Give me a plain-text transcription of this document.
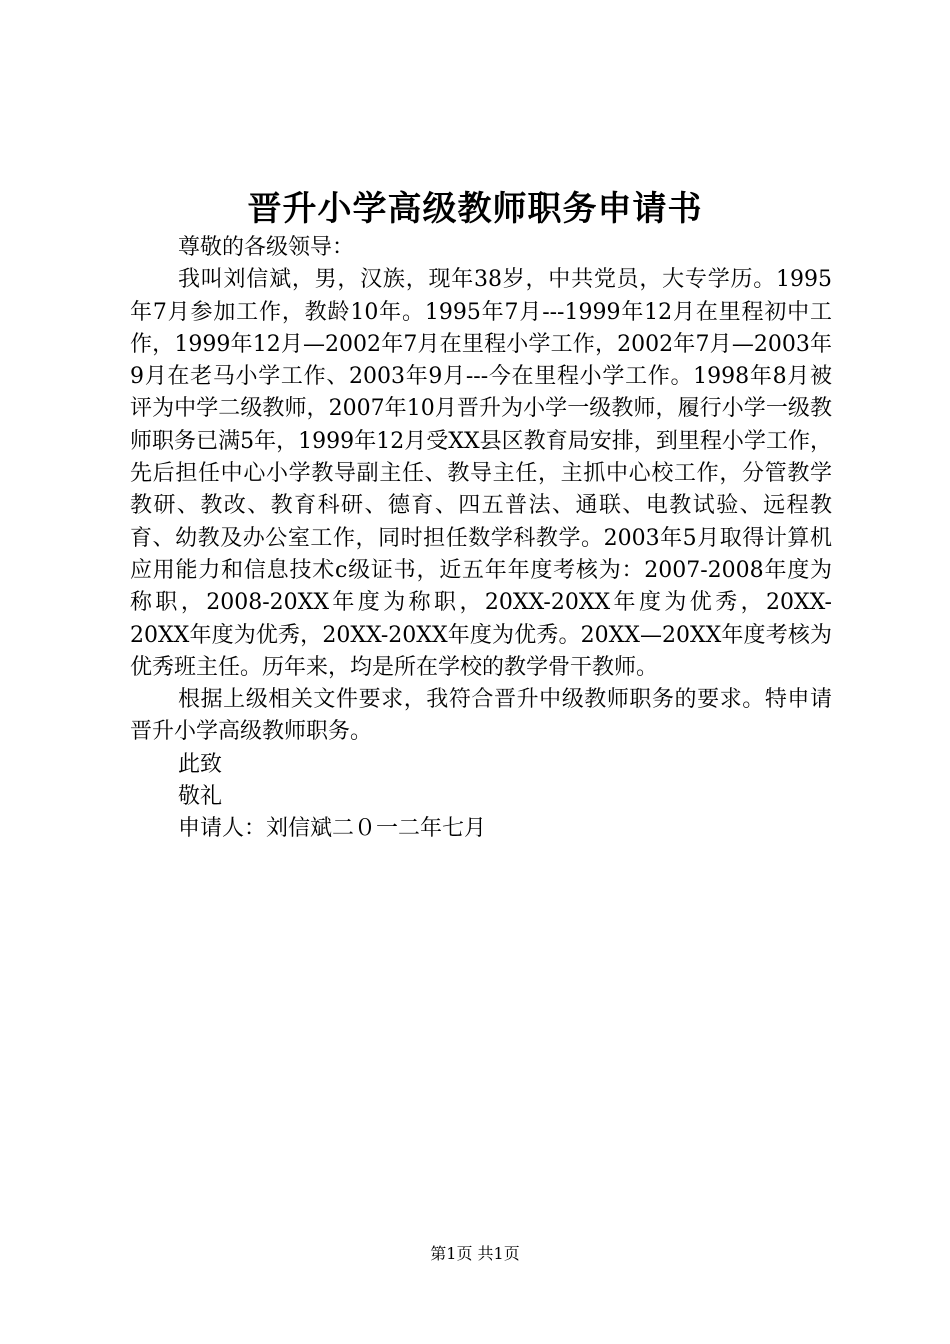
晋升小学高级教师职务申请书

尊敬的各级领导：

我叫刘信斌，男，汉族，现年38岁，中共党员，大专学历。1995年7月参加工作，教龄10年。1995年7月---1999年12月在里程初中工作，1999年12月—2002年7月在里程小学工作，2002年7月—2003年9月在老马小学工作、2003年9月---今在里程小学工作。1998年8月被评为中学二级教师，2007年10月晋升为小学一级教师，履行小学一级教师职务已满5年，1999年12月受XX县区教育局安排，到里程小学工作，先后担任中心小学教导副主任、教导主任，主抓中心校工作，分管教学教研、教改、教育科研、德育、四五普法、通联、电教试验、远程教育、幼教及办公室工作，同时担任数学科教学。2003年5月取得计算机应用能力和信息技术c级证书，近五年年度考核为：2007-2008年度为称职，2008-20XX年度为称职，20XX-20XX年度为优秀，20XX-20XX年度为优秀，20XX-20XX年度为优秀。20XX—20XX年度考核为优秀班主任。历年来，均是所在学校的教学骨干教师。

根据上级相关文件要求，我符合晋升中级教师职务的要求。特申请晋升小学高级教师职务。

此致

敬礼

申请人：刘信斌二０一二年七月

第1页 共1页
